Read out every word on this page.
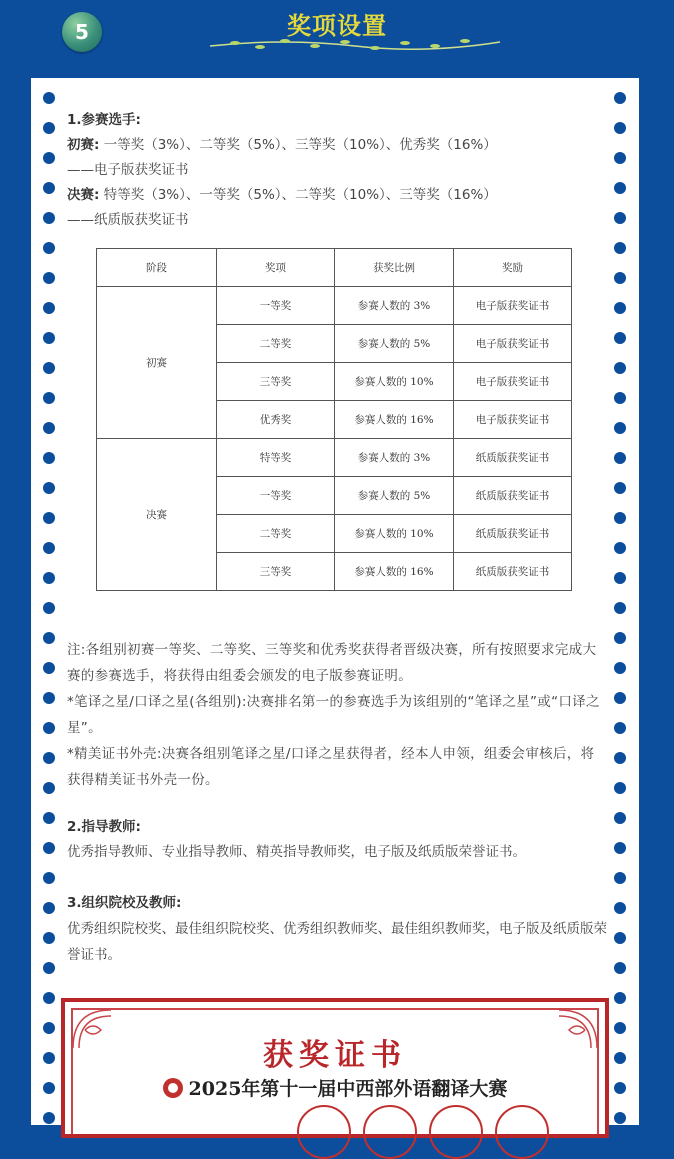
5	奖项设置

1.参赛选手:

初赛: 一等奖（3%）、二等奖（5%）、三等奖（10%）、优秀奖（16%）

——电子版获奖证书

决赛: 特等奖（3%）、一等奖（5%）、二等奖（10%）、三等奖（16%）

——纸质版获奖证书

阶段	奖项	获奖比例	奖励
初赛	一等奖	参赛人数的 3%	电子版获奖证书
	二等奖	参赛人数的 5%	电子版获奖证书
	三等奖	参赛人数的 10%	电子版获奖证书
	优秀奖	参赛人数的 16%	电子版获奖证书
决赛	特等奖	参赛人数的 3%	纸质版获奖证书
	一等奖	参赛人数的 5%	纸质版获奖证书
	二等奖	参赛人数的 10%	纸质版获奖证书
	三等奖	参赛人数的 16%	纸质版获奖证书

注:各组别初赛一等奖、二等奖、三等奖和优秀奖获得者晋级决赛，所有按照要求完成大赛的参赛选手，将获得由组委会颁发的电子版参赛证明。

*笔译之星/口译之星(各组别):决赛排名第一的参赛选手为该组别的“笔译之星”或“口译之星”。

*精美证书外壳:决赛各组别笔译之星/口译之星获得者，经本人申领，组委会审核后，将获得精美证书外壳一份。

2.指导教师:

优秀指导教师、专业指导教师、精英指导教师奖，电子版及纸质版荣誉证书。

3.组织院校及教师:

优秀组织院校奖、最佳组织院校奖、优秀组织教师奖、最佳组织教师奖，电子版及纸质版荣誉证书。

获奖证书
2025年第十一届中西部外语翻译大赛
